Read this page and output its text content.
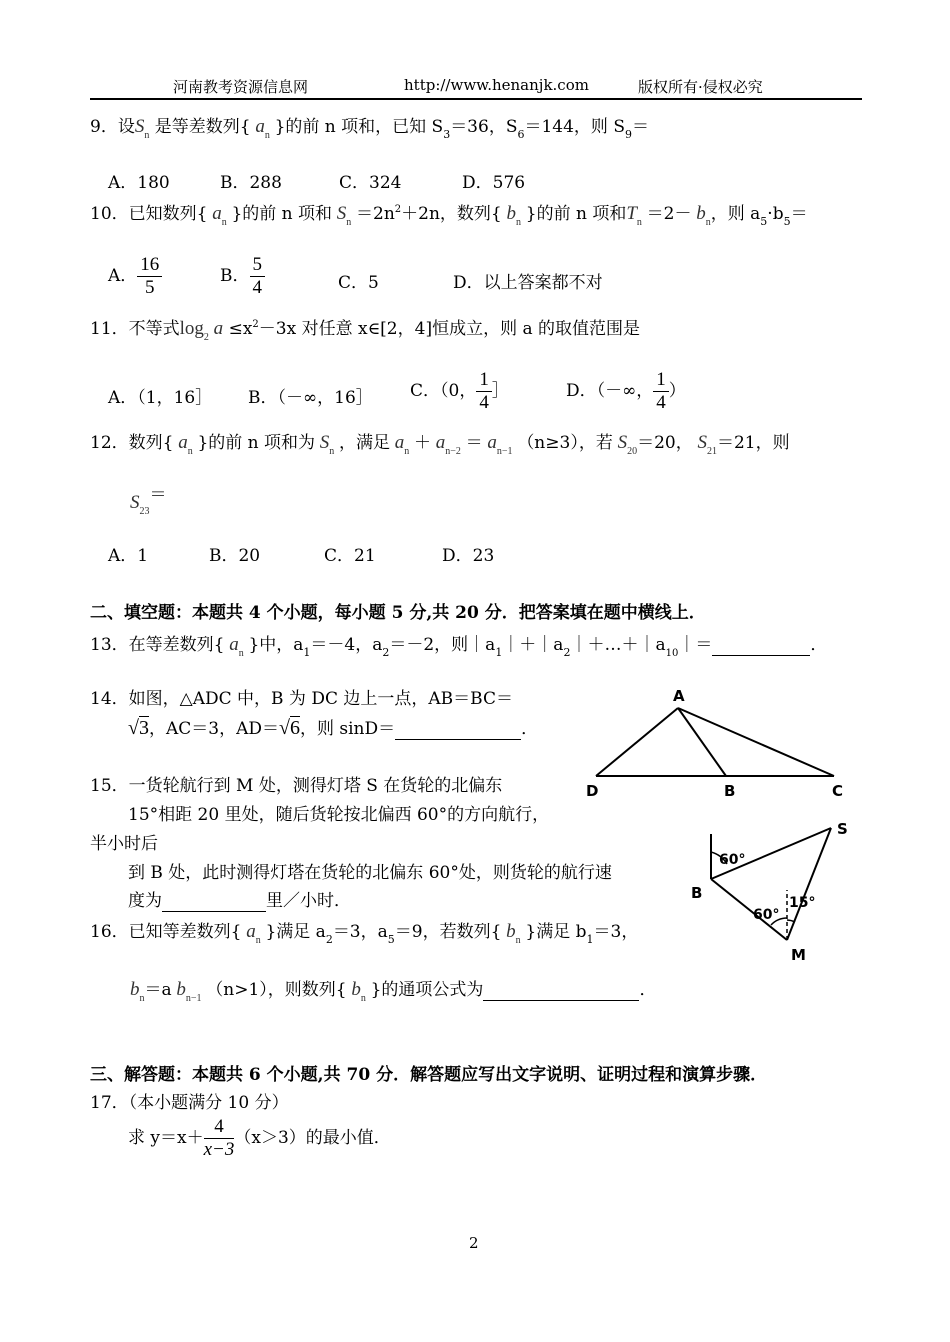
河南教考资源信息网	http://www.henanjk.com	版权所有·侵权必究
9．设$S_n$ 是等差数列{ $a_n$ }的前 n 项和，已知 $S_3=36$，$S_6=144$，则 $S_9=$
A．180	B．288	C．324	D．576
10．已知数列{ $a_n$ }的前 n 项和 $S_n =2n^2+2n$，数列{ $b_n$ }的前 n 项和$T_n =2- b_n$，则 $a_5\cdot b_5=$
A． $\frac{16}{5}$	B． $\frac{5}{4}$	C．5	D．以上答案都不对
11．不等式$\log_2 a \le x^2-3x$ 对任意 x∈[2，4]恒成立，则 a 的取值范围是
A．（1，16］ B．（－∞，16］ C．（0， $\frac{1}{4}$ ］	D．（－∞， $\frac{1}{4}$ ）
12．数列{ $a_n$ }的前 n 项和为 $S_n$ ，满足 $a_n + a_{n-2} = a_{n-1}$ （n≥3），若 $S_{20}=20$， $S_{21}=21$，则
$S_{23}=$
A．1	B．20	C．21	D．23
二、填空题：本题共 4 个小题，每小题 5 分,共 20 分．把答案填在题中横线上．
13．在等差数列{ $a_n$ }中，$a_1=-4$，$a_2=-2$，则$|a_1|+|a_2|+\dots+|a_{10}|=$	．
14．如图，△ADC 中，B 为 DC 边上一点，AB＝BC＝
√3，AC＝3，AD＝√6，则 sinD＝	．
A
D	B	C
15．一货轮航行到 M 处，测得灯塔 S 在货轮的北偏东
15°相距 20 里处，随后货轮按北偏西 60°的方向航行，
半小时后
到 B 处，此时测得灯塔在货轮的北偏东 60°处，则货轮的航行速
度为	里／小时．
60°
60°
15°
S
B
M
16．已知等差数列{ $a_n$ }满足 $a_2=3$，$a_5=9$，若数列{ $b_n$ }满足 $b_1=3$，
$b_n=a$ $b_{n-1}$ （n>1），则数列{ $b_n$ }的通项公式为	．
三、解答题：本题共 6 个小题,共 70 分．解答题应写出文字说明、证明过程和演算步骤．
17．（本小题满分 10 分）
求 $y=x+ \frac{4}{x-3} (x>3)$的最小值．
2
